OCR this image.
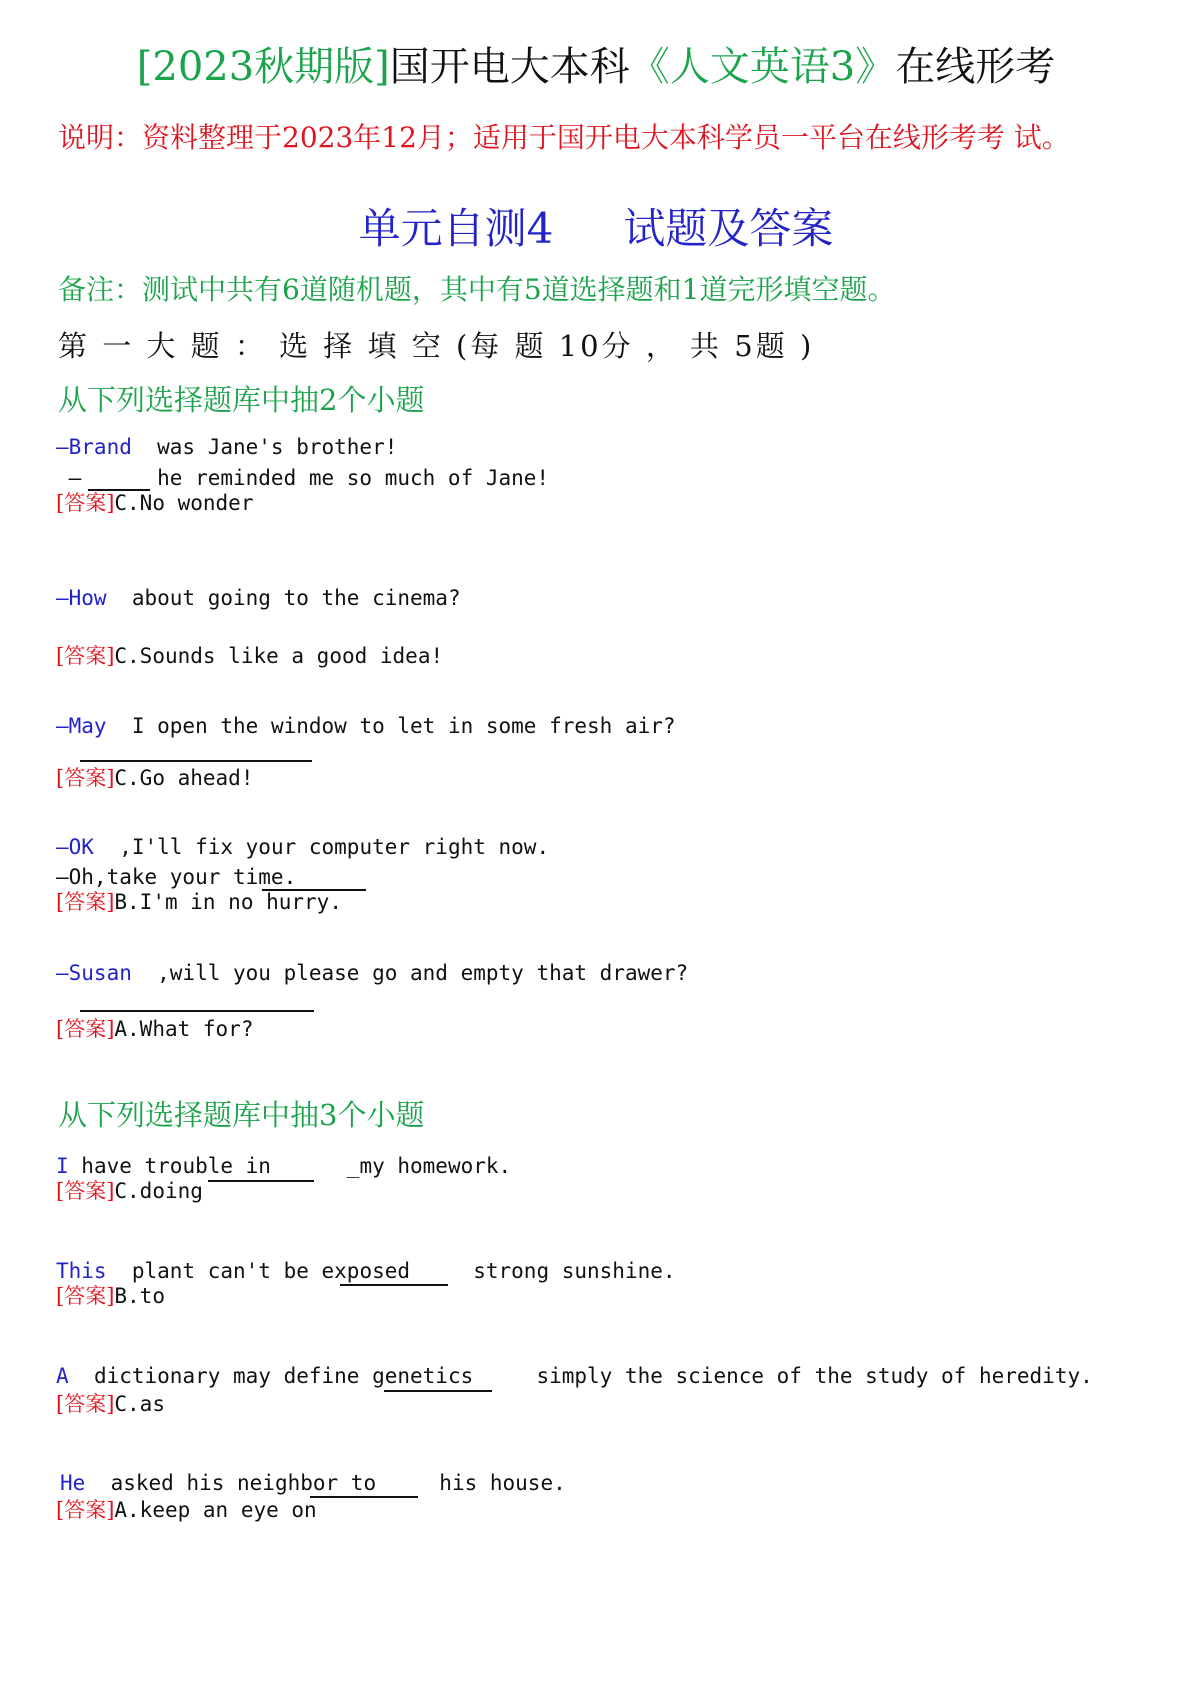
[2023秋期版]国开电大本科《人文英语3》在线形考
说明：资料整理于2023年12月；适用于国开电大本科学员一平台在线形考考 试。
单元自测4 试题及答案
备注：测试中共有6道随机题，其中有5道选择题和1道完形填空题。
第 一 大 题 ： 选 择 填 空 (每 题 10分 ， 共 5题 )
从下列选择题库中抽2个小题
—Brand  was Jane's brother!
—      he reminded me so much of Jane!
[答案]C.No wonder
—How  about going to the cinema?
[答案]C.Sounds like a good idea!
—May  I open the window to let in some fresh air?
[答案]C.Go ahead!
—OK  ,I'll fix your computer right now.
—Oh,take your time.
[答案]B.I'm in no hurry.
—Susan  ,will you please go and empty that drawer?
[答案]A.What for?
从下列选择题库中抽3个小题
I have trouble in      _my homework.
[答案]C.doing
This  plant can't be exposed     strong sunshine.
[答案]B.to
A  dictionary may define genetics     simply the science of the study of heredity.
[答案]C.as
He  asked his neighbor to     his house.
[答案]A.keep an eye on
